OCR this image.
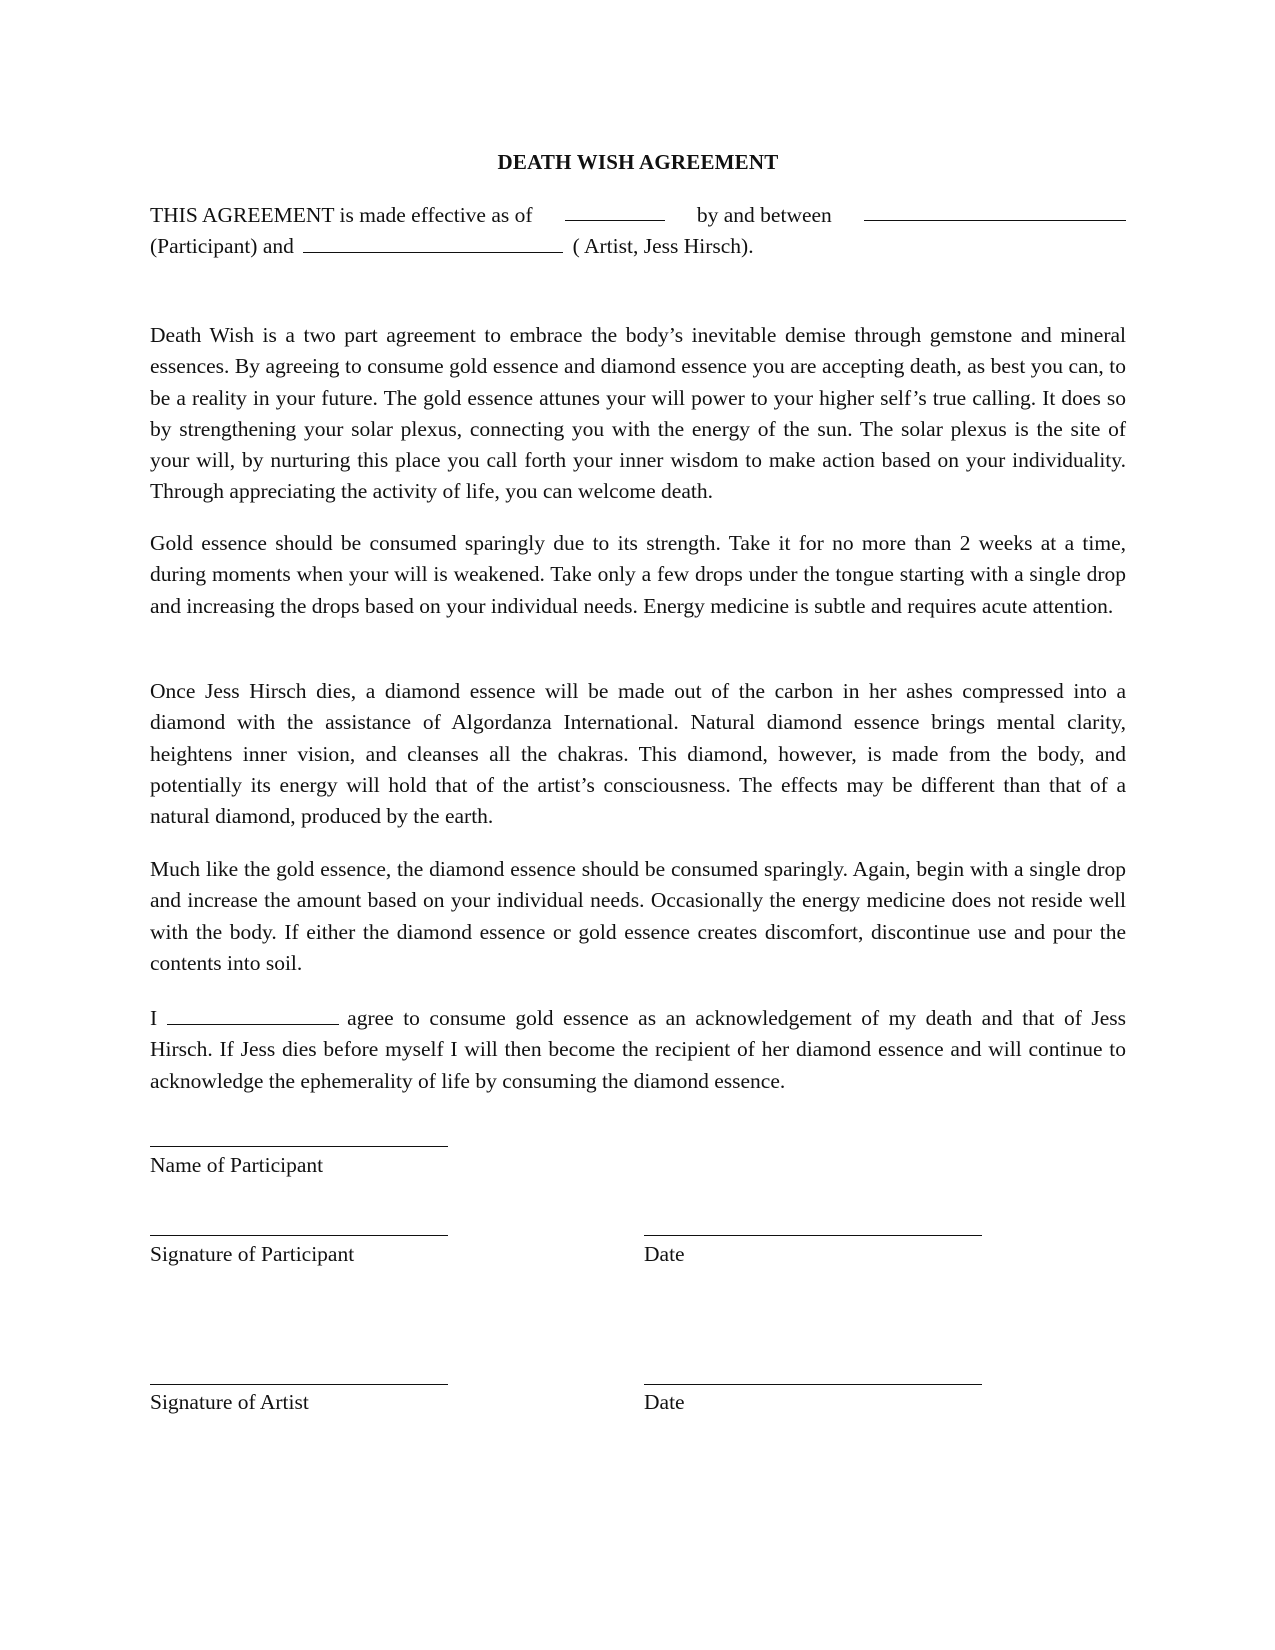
DEATH WISH AGREEMENT
THIS AGREEMENT is made effective as of	by and between
(Participant) and	( Artist, Jess Hirsch).

Death Wish is a two part agreement to embrace the body’s inevitable demise through gemstone and mineral essences. By agreeing to consume gold essence and diamond essence you are accepting death, as best you can, to be a reality in your future. The gold essence attunes your will power to your higher self’s true calling. It does so by strengthening your solar plexus, connecting you with the energy of the sun. The solar plexus is the site of your will, by nurturing this place you call forth your inner wisdom to make action based on your individuality. Through appreciating the activity of life, you can welcome death.

Gold essence should be consumed sparingly due to its strength. Take it for no more than 2 weeks at a time, during moments when your will is weakened. Take only a few drops under the tongue starting with a single drop and increasing the drops based on your individual needs. Energy medicine is subtle and requires acute attention.

Once Jess Hirsch dies, a diamond essence will be made out of the carbon in her ashes compressed into a diamond with the assistance of Algordanza International. Natural diamond essence brings mental clarity, heightens inner vision, and cleanses all the chakras. This diamond, however, is made from the body, and potentially its energy will hold that of the artist’s consciousness. The effects may be different than that of a natural diamond, produced by the earth.

Much like the gold essence, the diamond essence should be consumed sparingly. Again, begin with a single drop and increase the amount based on your individual needs. Occasionally the energy medicine does not reside well with the body. If either the diamond essence or gold essence creates discomfort, discontinue use and pour the contents into soil.

I	agree to consume gold essence as an acknowledgement of my death and that of Jess Hirsch. If Jess dies before myself I will then become the recipient of her diamond essence and will continue to acknowledge the ephemerality of life by consuming the diamond essence.

Name of Participant
Signature of Participant	Date
Signature of Artist	Date
